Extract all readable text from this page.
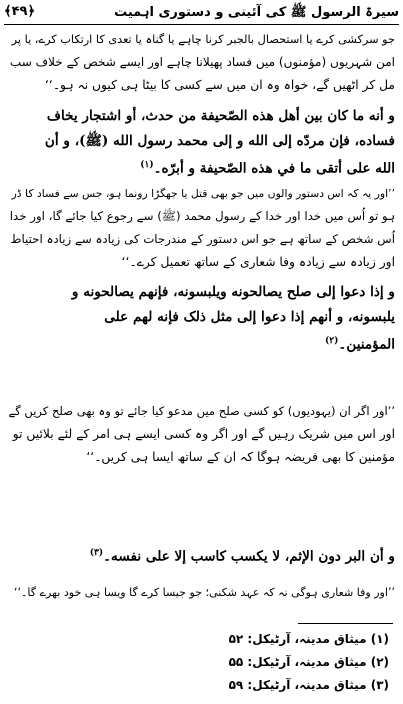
سیرۃ الرسول ﷺ کی آئینی و دستوری اہمیت
﴿۴۹﴾
جو سرکشی کرے یا استحصال بالجبر کرنا چاہے یا گناہ یا تعدی کا ارتکاب کرے، یا پر
امن شہریوں (مؤمنوں) میں فساد پھیلانا چاہے اور ایسے شخص کے خلاف سب
مل کر اٹھیں گے، خواہ وہ ان میں سے کسی کا بیٹا ہی کیوں نہ ہو۔‘‘
و أنه ما كان بين أهل هذه الصّحيفة من حدث، أو اشتجار يخاف
فساده، فإن مردّه إلى الله و إلى محمد رسول الله (ﷺ)، و أن
الله على أتقى ما في هذه الصّحيفة و أبرّه۔$^{(۱)}$
’’اور یہ کہ اس دستور والوں میں جو بھی قتل یا جھگڑا رونما ہو، جس سے فساد کا ڈر
ہو تو اُس میں خدا اور خدا کے رسول محمد (ﷺ) سے رجوع کیا جائے گا، اور خدا
اُس شخص کے ساتھ ہے جو اس دستور کے مندرجات کی زیادہ سے زیادہ احتیاط
اور زیادہ سے زیادہ وفا شعاری کے ساتھ تعمیل کرے۔‘‘
و إذا دعوا إلى صلح يصالحونه ويلبسونه، فإنهم يصالحونه و
يلبسونه، و أنهم إذا دعوا إلى مثل ذلک فإنه لهم على
المؤمنين۔$^{(۲)}$
’’اور اگر ان (یہودیوں) کو کسی صلح میں مدعو کیا جائے تو وہ بھی صلح کریں گے
اور اس میں شریک رہیں گے اور اگر وہ کسی ایسے ہی امر کے لئے بلائیں تو
مؤمنین کا بھی فریضہ ہوگا کہ ان کے ساتھ ایسا ہی کریں۔‘‘
و أن البر دون الإثم، لا يكسب كاسب إلا على نفسه۔$^{(۳)}$
’’اور وفا شعاری ہوگی نہ کہ عہد شکنی؛ جو جیسا کرے گا ویسا ہی خود بھرے گا۔‘‘
(۱) میثاق مدینہ، آرٹیکل: ۵۲
(۲) میثاق مدینہ، آرٹیکل: ۵۵
(۳) میثاق مدینہ، آرٹیکل: ۵۹
